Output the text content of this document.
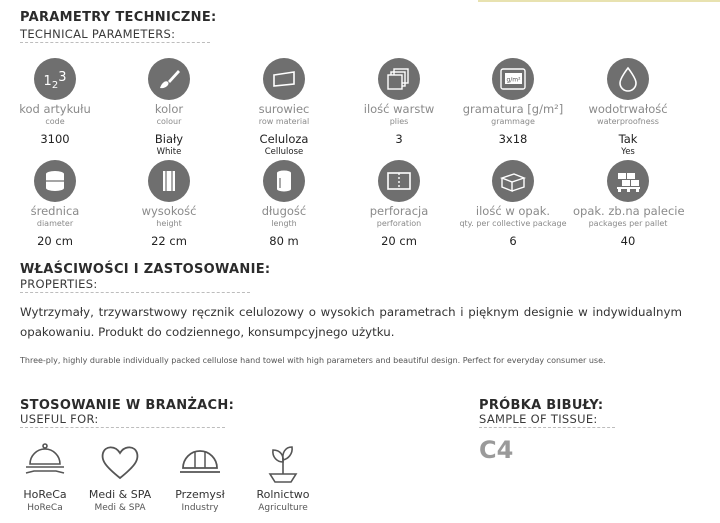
PARAMETRY TECHNICZNE:
TECHNICAL PARAMETERS:
$1_23$
kod artykułu
code
3100
kolor
colour
Biały
White
surowiec
row material
Celuloza
Cellulose
ilość warstw
plies
3
g/m²
gramatura [g/m²]
grammage
3x18
wodotrwałość
waterproofness
Tak
Yes
średnica
diameter
20 cm
wysokość
height
22 cm
długość
length
80 m
perforacja
perforation
20 cm
ilość w opak.
qty. per collective package
6
opak. zb.na palecie
packages per pallet
40
WŁAŚCIWOŚCI I ZASTOSOWANIE:
PROPERTIES:
Wytrzymały, trzywarstwowy ręcznik celulozowy o wysokich parametrach i pięknym designie w indywidualnym opakowaniu. Produkt do codziennego, konsumpcyjnego użytku.
Three-ply, highly durable individually packed cellulose hand towel with high parameters and beautiful design. Perfect for everyday consumer use.
STOSOWANIE W BRANŻACH:
USEFUL FOR:
HoReCa
HoReCa
Medi & SPA
Medi & SPA
Przemysł
Industry
Rolnictwo
Agriculture
PRÓBKA BIBUŁY:
SAMPLE OF TISSUE:
C4
